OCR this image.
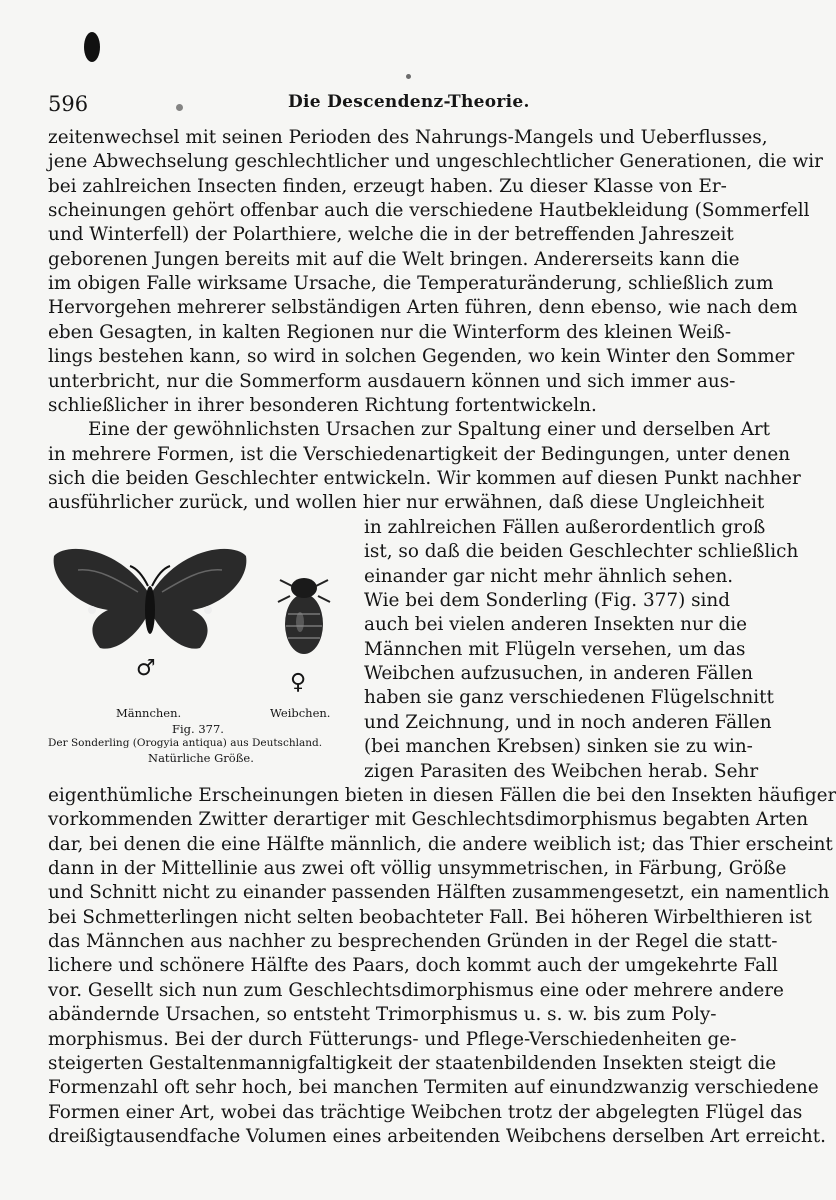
596	Die Descendenz-Theorie.
zeitenwechsel mit seinen Perioden des Nahrungs-Mangels und Ueberflusses,
jene Abwechselung geschlechtlicher und ungeschlechtlicher Generationen, die wir
bei zahlreichen Insecten finden, erzeugt haben. Zu dieser Klasse von Er-
scheinungen gehört offenbar auch die verschiedene Hautbekleidung (Sommerfell
und Winterfell) der Polarthiere, welche die in der betreffenden Jahreszeit
geborenen Jungen bereits mit auf die Welt bringen. Andererseits kann die
im obigen Falle wirksame Ursache, die Temperaturänderung, schließlich zum
Hervorgehen mehrerer selbständigen Arten führen, denn ebenso, wie nach dem
eben Gesagten, in kalten Regionen nur die Winterform des kleinen Weiß-
lings bestehen kann, so wird in solchen Gegenden, wo kein Winter den Sommer
unterbricht, nur die Sommerform ausdauern können und sich immer aus-
schließlicher in ihrer besonderen Richtung fortentwickeln.
Eine der gewöhnlichsten Ursachen zur Spaltung einer und derselben Art
in mehrere Formen, ist die Verschiedenartigkeit der Bedingungen, unter denen
sich die beiden Geschlechter entwickeln. Wir kommen auf diesen Punkt nachher
ausführlicher zurück, und wollen hier nur erwähnen, daß diese Ungleichheit
in zahlreichen Fällen außerordentlich groß
ist, so daß die beiden Geschlechter schließlich
einander gar nicht mehr ähnlich sehen.
Wie bei dem Sonderling (Fig. 377) sind
auch bei vielen anderen Insekten nur die
Männchen mit Flügeln versehen, um das
Weibchen aufzusuchen, in anderen Fällen
haben sie ganz verschiedenen Flügelschnitt
und Zeichnung, und in noch anderen Fällen
(bei manchen Krebsen) sinken sie zu win-
zigen Parasiten des Weibchen herab. Sehr
eigenthümliche Erscheinungen bieten in diesen Fällen die bei den Insekten häufiger
vorkommenden Zwitter derartiger mit Geschlechtsdimorphismus begabten Arten
dar, bei denen die eine Hälfte männlich, die andere weiblich ist; das Thier erscheint
dann in der Mittellinie aus zwei oft völlig unsymmetrischen, in Färbung, Größe
und Schnitt nicht zu einander passenden Hälften zusammengesetzt, ein namentlich
bei Schmetterlingen nicht selten beobachteter Fall. Bei höheren Wirbelthieren ist
das Männchen aus nachher zu besprechenden Gründen in der Regel die statt-
lichere und schönere Hälfte des Paars, doch kommt auch der umgekehrte Fall
vor. Gesellt sich nun zum Geschlechtsdimorphismus eine oder mehrere andere
abändernde Ursachen, so entsteht Trimorphismus u. s. w. bis zum Poly-
morphismus. Bei der durch Fütterungs- und Pflege-Verschiedenheiten ge-
steigerten Gestaltenmannigfaltigkeit der staatenbildenden Insekten steigt die
Formenzahl oft sehr hoch, bei manchen Termiten auf einundzwanzig verschiedene
Formen einer Art, wobei das trächtige Weibchen trotz der abgelegten Flügel das
dreißigtausendfache Volumen eines arbeitenden Weibchens derselben Art erreicht.
♂
♀
Männchen.	Weibchen.
Fig. 377.
Der Sonderling (Orogyia antiqua) aus Deutschland.
Natürliche Größe.
